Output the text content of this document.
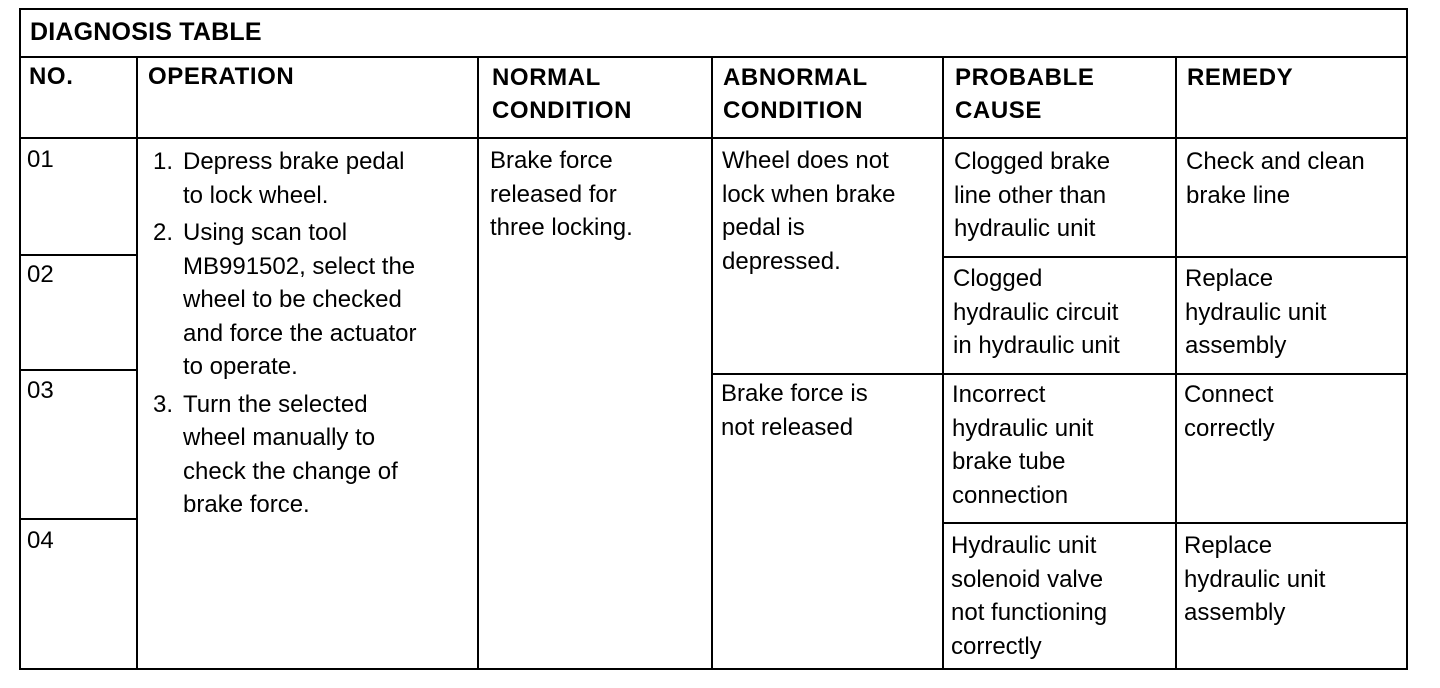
DIAGNOSIS TABLE
NO.	OPERATION	NORMAL
CONDITION
ABNORMAL
CONDITION
PROBABLE
CAUSE
REMEDY
01
02
03
04
1. Depress brake pedal
to lock wheel.
2. Using scan tool
MB991502, select the
wheel to be checked
and force the actuator
to operate.
3. Turn the selected
wheel manually to
check the change of
brake force.
Brake force
released for
three locking.
Wheel does not
lock when brake
pedal is
depressed.
Brake force is
not released
Clogged brake
line other than
hydraulic unit
Clogged
hydraulic circuit
in hydraulic unit
Incorrect
hydraulic unit
brake tube
connection
Hydraulic unit
solenoid valve
not functioning
correctly
Check and clean
brake line
Replace
hydraulic unit
assembly
Connect
correctly
Replace
hydraulic unit
assembly
